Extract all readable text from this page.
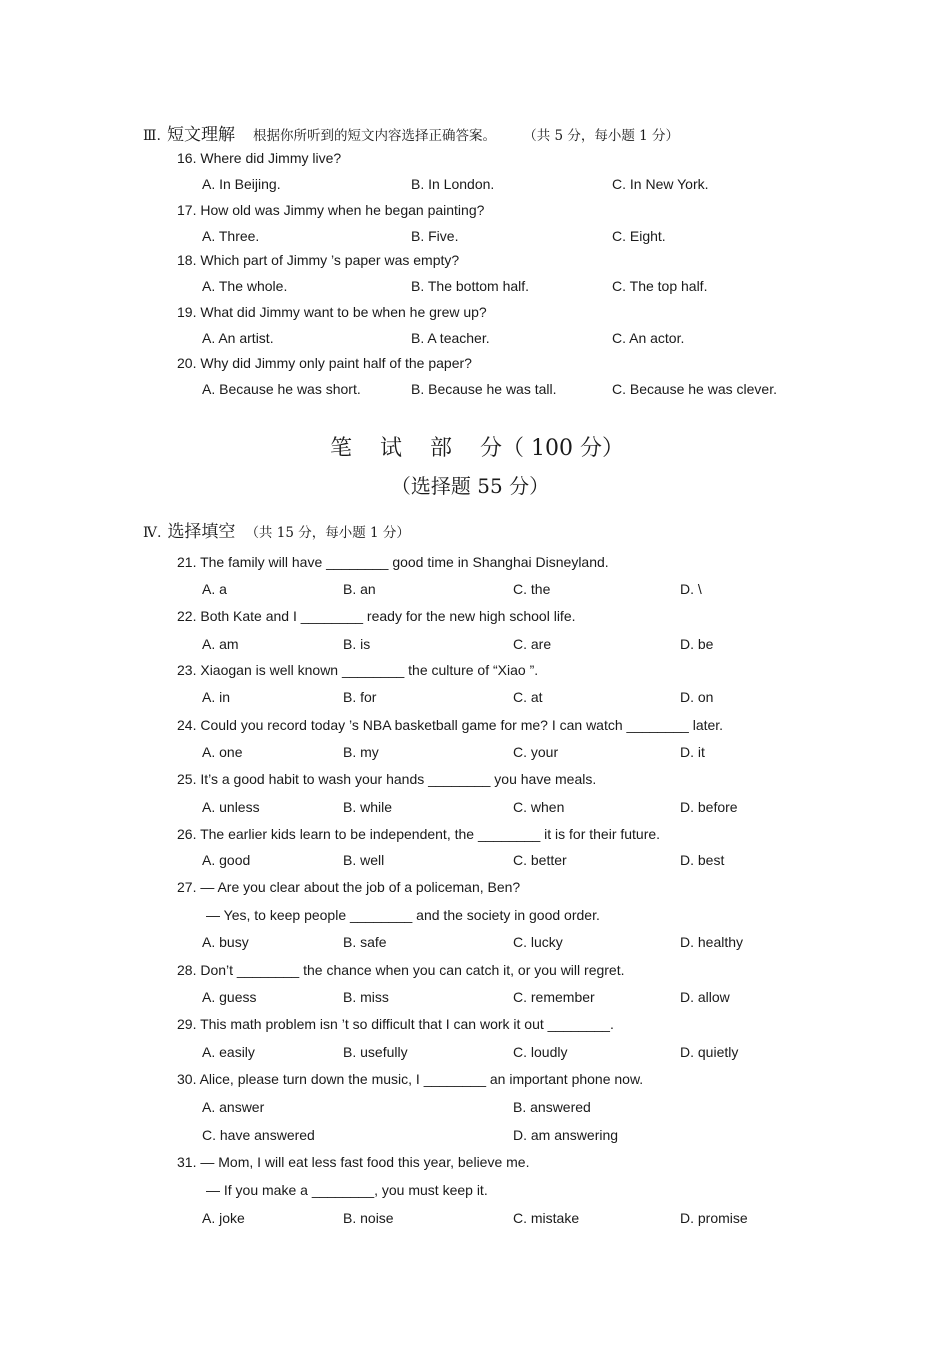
Ⅲ. 短文理解 根据你所听到的短文内容选择正确答案。	（共 5 分，每小题 1 分）
16. Where did Jimmy live?
A. In Beijing.	B. In London.	C. In New York.
17. How old was Jimmy when he began painting?
A. Three.	B. Five.	C. Eight.
18. Which part of Jimmy ’s paper was empty?
A. The whole.	B. The bottom half.	C. The top half.
19. What did Jimmy want to be when he grew up?
A. An artist.	B. A teacher.	C. An actor.
20. Why did Jimmy only paint half of the paper?
A. Because he was short.	B. Because he was tall.	C. Because he was clever.
笔 试 部 分（ 100 分）
（选择题 55 分）
Ⅳ. 选择填空 （共 15 分，每小题 1 分）
21. The family will have ________ good time in Shanghai Disneyland.
A. a	B. an	C. the	D. \
22. Both Kate and I ________ ready for the new high school life.
A. am	B. is	C. are	D. be
23. Xiaogan is well known ________ the culture of “Xiao ”.
A. in	B. for	C. at	D. on
24. Could you record today ’s NBA basketball game for me? I can watch ________ later.
A. one	B. my	C. your	D. it
25. It’s a good habit to wash your hands ________ you have meals.
A. unless	B. while	C. when	D. before
26. The earlier kids learn to be independent, the ________ it is for their future.
A. good	B. well	C. better	D. best
27. — Are you clear about the job of a policeman, Ben?
— Yes, to keep people ________ and the society in good order.
A. busy	B. safe	C. lucky	D. healthy
28. Don’t ________ the chance when you can catch it, or you will regret.
A. guess	B. miss	C. remember	D. allow
29. This math problem isn ’t so difficult that I can work it out ________.
A. easily	B. usefully	C. loudly	D. quietly
30. Alice, please turn down the music, I ________ an important phone now.
A. answer	B. answered
C. have answered	D. am answering
31. — Mom, I will eat less fast food this year, believe me.
— If you make a ________, you must keep it.
A. joke	B. noise	C. mistake	D. promise
